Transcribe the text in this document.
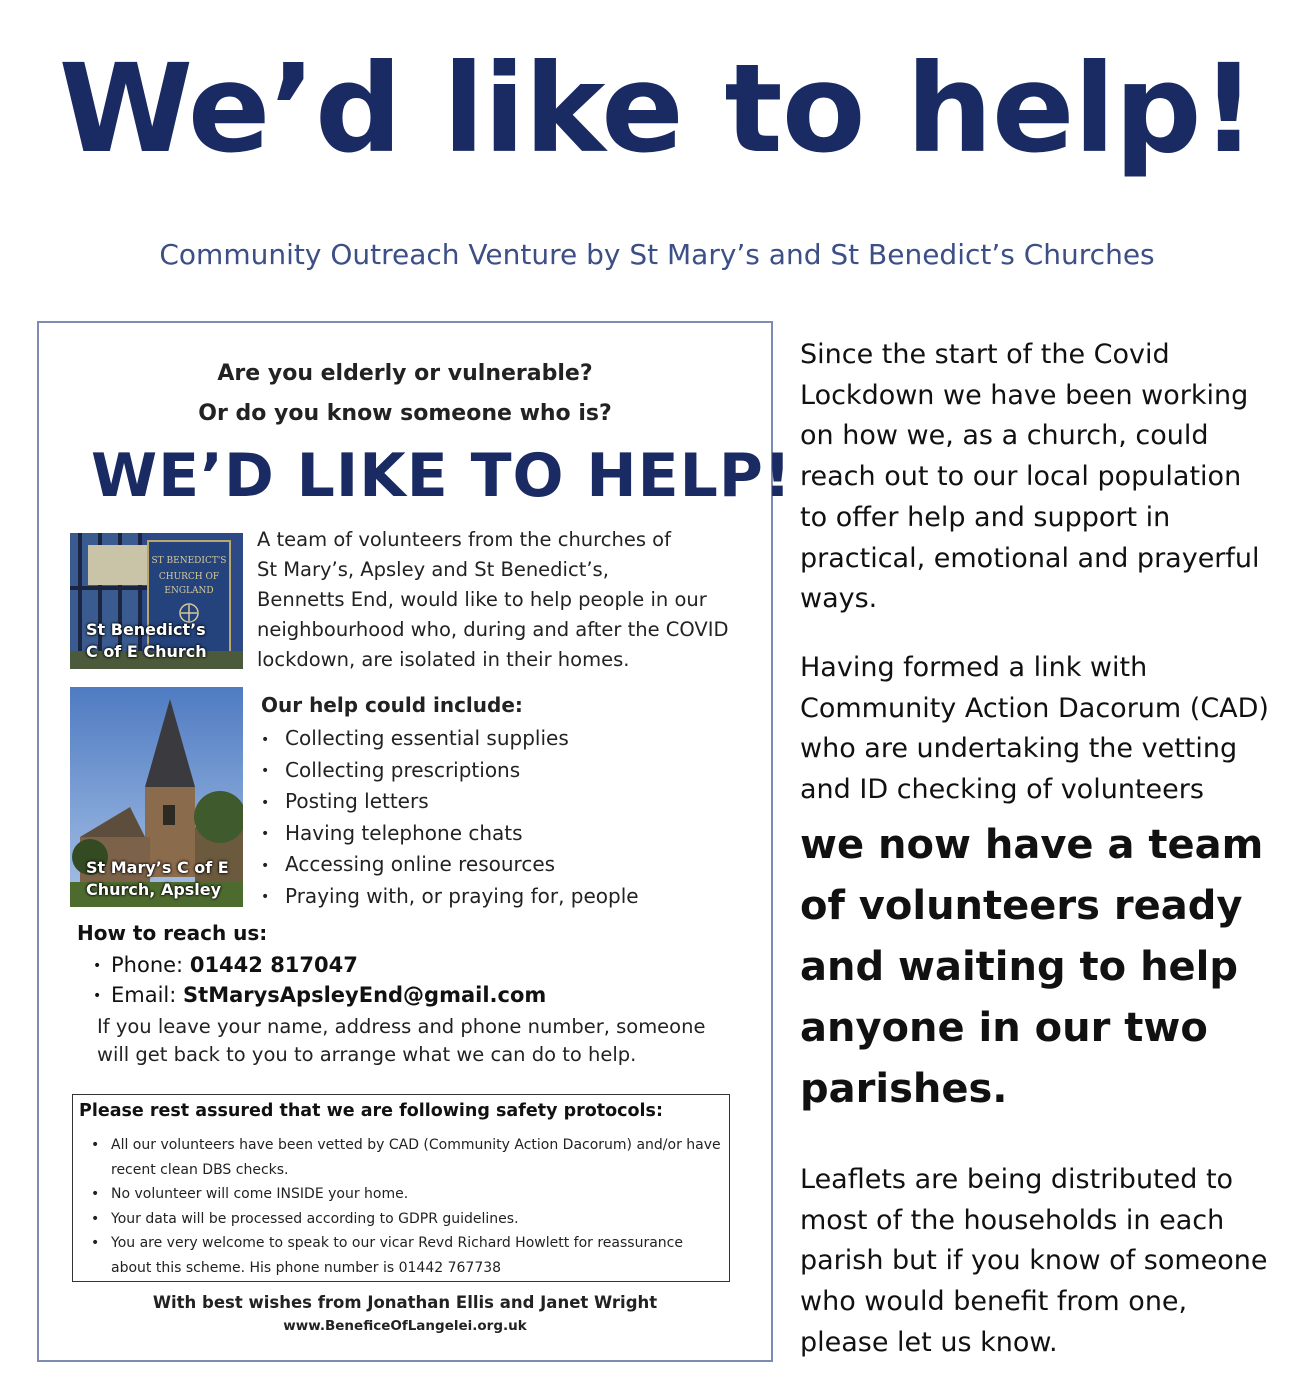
We’d like to help!
Community Outreach Venture by St Mary’s and St Benedict’s Churches
Are you elderly or vulnerable?
Or do you know someone who is?
WE’D LIKE TO HELP!
ST BENEDICT'S
CHURCH OF
ENGLAND
St Benedict’s
C of E Church
St Mary’s C of E
Church, Apsley
A team of volunteers from the churches of
St Mary’s, Apsley and St Benedict’s,
Bennetts End, would like to help people in our
neighbourhood who, during and after the COVID
lockdown, are isolated in their homes.
Our help could include:
• Collecting essential supplies
• Collecting prescriptions
• Posting letters
• Having telephone chats
• Accessing online resources
• Praying with, or praying for, people
How to reach us:
• Phone: 01442 817047
• Email: StMarysApsleyEnd@gmail.com
If you leave your name, address and phone number, someone
will get back to you to arrange what we can do to help.
Please rest assured that we are following safety protocols:
• All our volunteers have been vetted by CAD (Community Action Dacorum) and/or have recent clean DBS checks.
• No volunteer will come INSIDE your home.
• Your data will be processed according to GDPR guidelines.
• You are very welcome to speak to our vicar Revd Richard Howlett for reassurance about this scheme. His phone number is 01442 767738
With best wishes from Jonathan Ellis and Janet Wright
www.BeneficeOfLangelei.org.uk
Since the start of the Covid
Lockdown we have been working
on how we, as a church, could
reach out to our local population
to offer help and support in
practical, emotional and prayerful
ways.
Having formed a link with
Community Action Dacorum (CAD)
who are undertaking the vetting
and ID checking of volunteers
we now have a team
of volunteers ready
and waiting to help
anyone in our two
parishes.
Leaflets are being distributed to
most of the households in each
parish but if you know of someone
who would benefit from one,
please let us know.
